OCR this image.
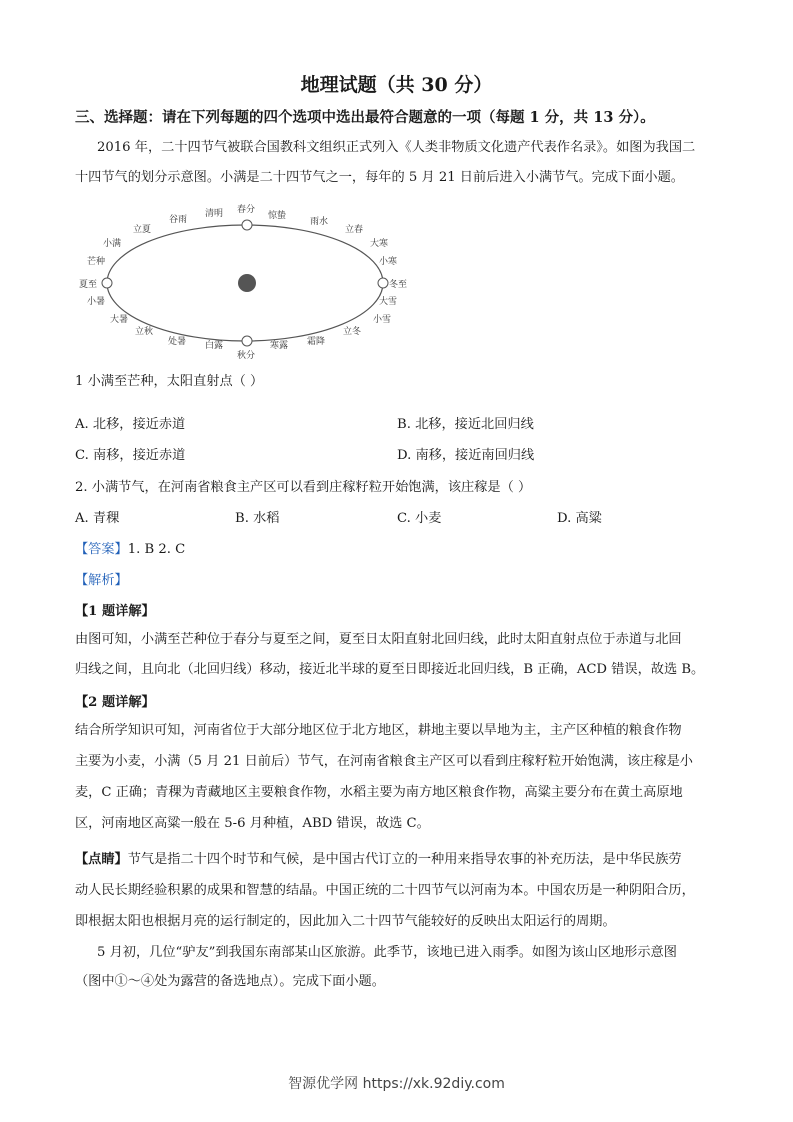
地理试题（共 30 分）
三、选择题：请在下列每题的四个选项中选出最符合题意的一项（每题 1 分，共 13 分）。
2016 年，二十四节气被联合国教科文组织正式列入《人类非物质文化遗产代表作名录》。如图为我国二
十四节气的划分示意图。小满是二十四节气之一，每年的 5 月 21 日前后进入小满节气。完成下面小题。
春分
惊蛰
雨水
立春
大寒
小寒
冬至
大雪
小雪
立冬
霜降
寒露
秋分
白露
处暑
立秋
大暑
小暑
夏至
芒种
小满
立夏
谷雨
清明
1 小满至芒种，太阳直射点（ ）
A. 北移，接近赤道	B. 北移，接近北回归线
C. 南移，接近赤道	D. 南移，接近南回归线
2. 小满节气，在河南省粮食主产区可以看到庄稼籽粒开始饱满，该庄稼是（ ）
A. 青稞	B. 水稻	C. 小麦	D. 高粱
【答案】1. B 2. C
【解析】
【1 题详解】
由图可知，小满至芒种位于春分与夏至之间，夏至日太阳直射北回归线，此时太阳直射点位于赤道与北回
归线之间，且向北（北回归线）移动，接近北半球的夏至日即接近北回归线，B 正确，ACD 错误，故选 B。
【2 题详解】
结合所学知识可知，河南省位于大部分地区位于北方地区，耕地主要以旱地为主，主产区种植的粮食作物
主要为小麦，小满（5 月 21 日前后）节气，在河南省粮食主产区可以看到庄稼籽粒开始饱满，该庄稼是小
麦，C 正确；青稞为青藏地区主要粮食作物，水稻主要为南方地区粮食作物，高粱主要分布在黄土高原地
区，河南地区高粱一般在 5-6 月种植，ABD 错误，故选 C。
【点睛】节气是指二十四个时节和气候，是中国古代订立的一种用来指导农事的补充历法，是中华民族劳
动人民长期经验积累的成果和智慧的结晶。中国正统的二十四节气以河南为本。中国农历是一种阴阳合历，
即根据太阳也根据月亮的运行制定的，因此加入二十四节气能较好的反映出太阳运行的周期。
5 月初，几位“驴友”到我国东南部某山区旅游。此季节，该地已进入雨季。如图为该山区地形示意图
（图中①～④处为露营的备选地点）。完成下面小题。
智源优学网 https://xk.92diy.com
